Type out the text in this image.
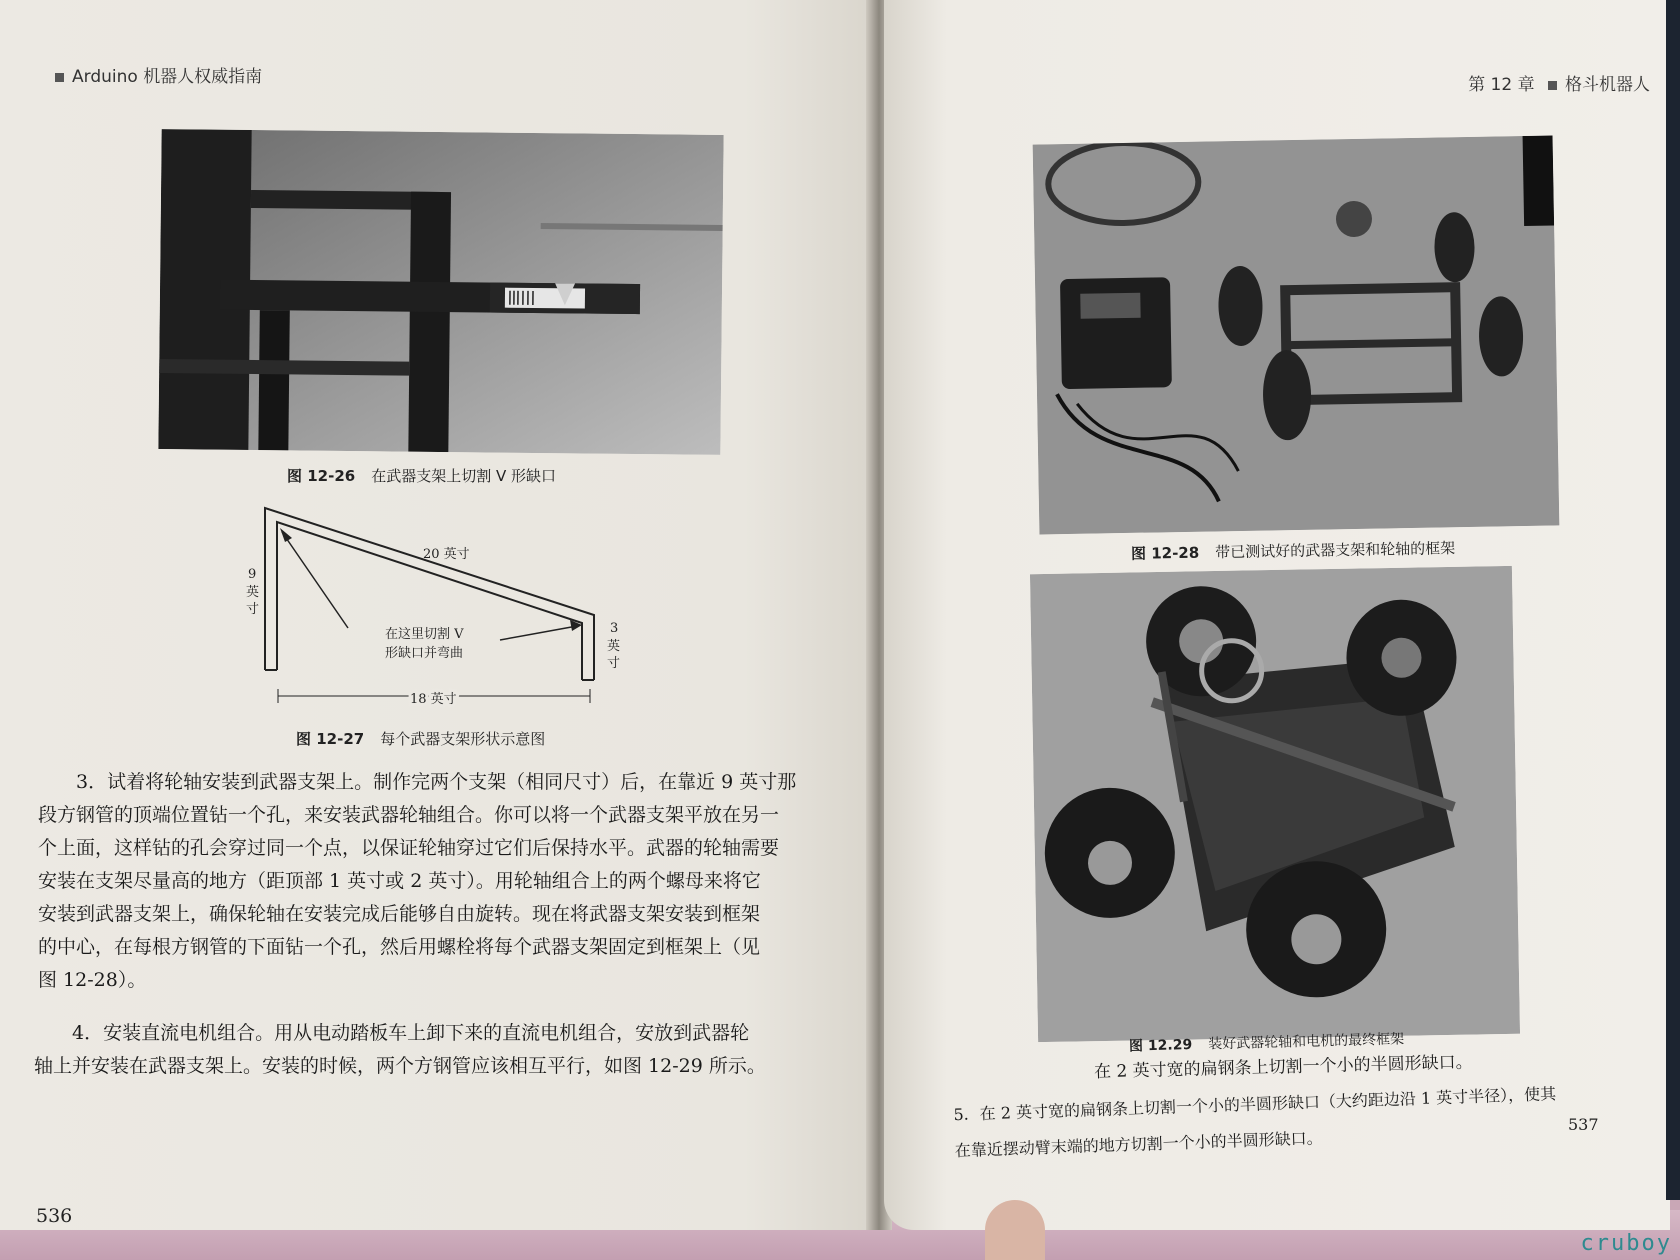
Arduino 机器人权威指南
图 12-26 在武器支架上切割 V 形缺口
20 英寸
9
英
寸
3
英
寸
18 英寸
在这里切割 V
形缺口并弯曲
图 12-27 每个武器支架形状示意图

3．试着将轮轴安装到武器支架上。制作完两个支架（相同尺寸）后，在靠近 9 英寸那

段方钢管的顶端位置钻一个孔，来安装武器轮轴组合。你可以将一个武器支架平放在另一

个上面，这样钻的孔会穿过同一个点，以保证轮轴穿过它们后保持水平。武器的轮轴需要

安装在支架尽量高的地方（距顶部 1 英寸或 2 英寸）。用轮轴组合上的两个螺母来将它

安装到武器支架上，确保轮轴在安装完成后能够自由旋转。现在将武器支架安装到框架

的中心，在每根方钢管的下面钻一个孔，然后用螺栓将每个武器支架固定到框架上（见

图 12-28）。

4．安装直流电机组合。用从电动踏板车上卸下来的直流电机组合，安放到武器轮

轴上并安装在武器支架上。安装的时候，两个方钢管应该相互平行，如图 12-29 所示。

536
第 12 章 格斗机器人
图 12-28 带已测试好的武器支架和轮轴的框架
图 12.29 装好武器轮轴和电机的最终框架

在 2 英寸宽的扁钢条上切割一个小的半圆形缺口。

5．在 2 英寸宽的扁钢条上切割一个小的半圆形缺口（大约距边沿 1 英寸半径），使其

在靠近摆动臂末端的地方切割一个小的半圆形缺口。

537
cruboy
